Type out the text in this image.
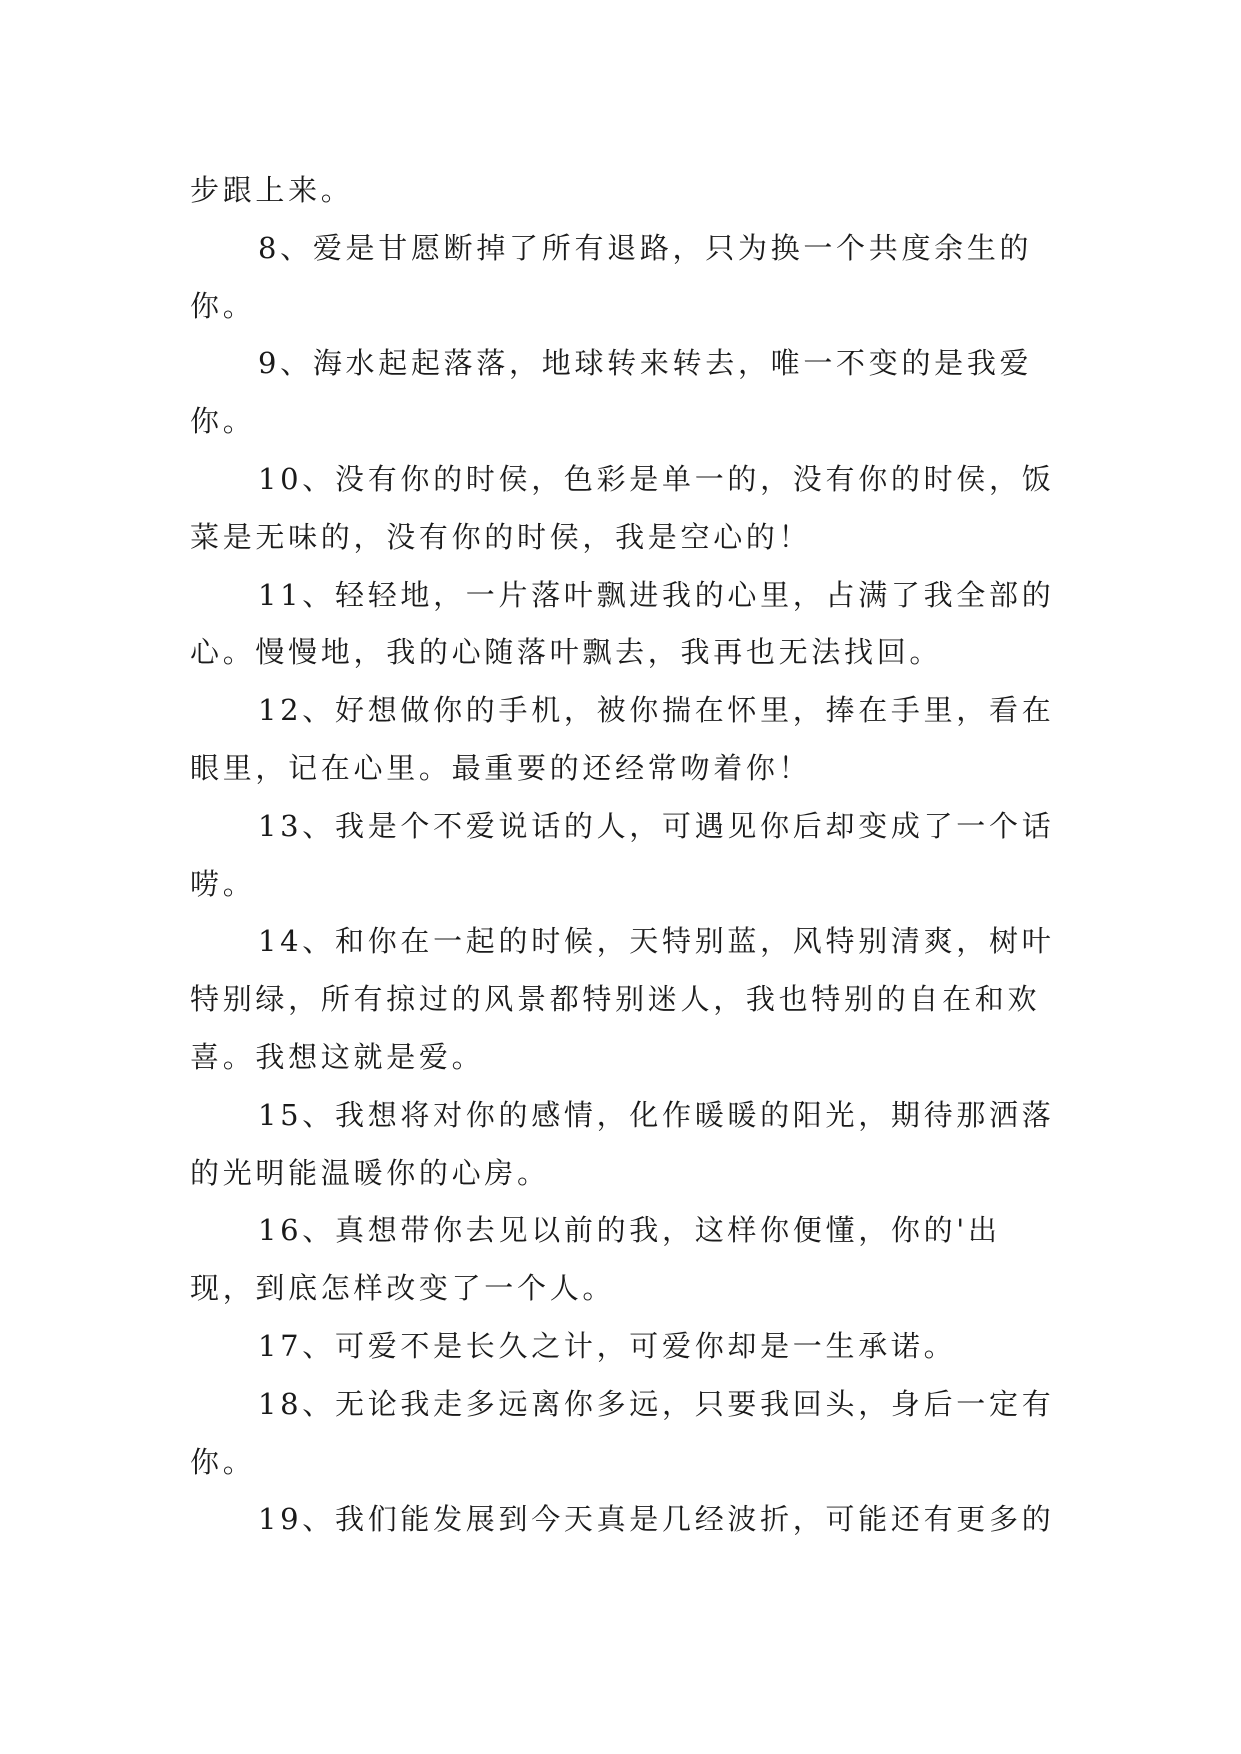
步跟上来。

8、爱是甘愿断掉了所有退路，只为换一个共度余生的你。

9、海水起起落落，地球转来转去，唯一不变的是我爱你。

10、没有你的时侯，色彩是单一的，没有你的时侯，饭菜是无味的，没有你的时侯，我是空心的！

11、轻轻地，一片落叶飘进我的心里，占满了我全部的心。慢慢地，我的心随落叶飘去，我再也无法找回。

12、好想做你的手机，被你揣在怀里，捧在手里，看在眼里，记在心里。最重要的还经常吻着你！

13、我是个不爱说话的人，可遇见你后却变成了一个话唠。

14、和你在一起的时候，天特别蓝，风特别清爽，树叶特别绿，所有掠过的风景都特别迷人，我也特别的自在和欢喜。我想这就是爱。

15、我想将对你的感情，化作暖暖的阳光，期待那洒落的光明能温暖你的心房。

16、真想带你去见以前的我，这样你便懂，你的'出现，到底怎样改变了一个人。

17、可爱不是长久之计，可爱你却是一生承诺。

18、无论我走多远离你多远，只要我回头，身后一定有你。

19、我们能发展到今天真是几经波折，可能还有更多的
